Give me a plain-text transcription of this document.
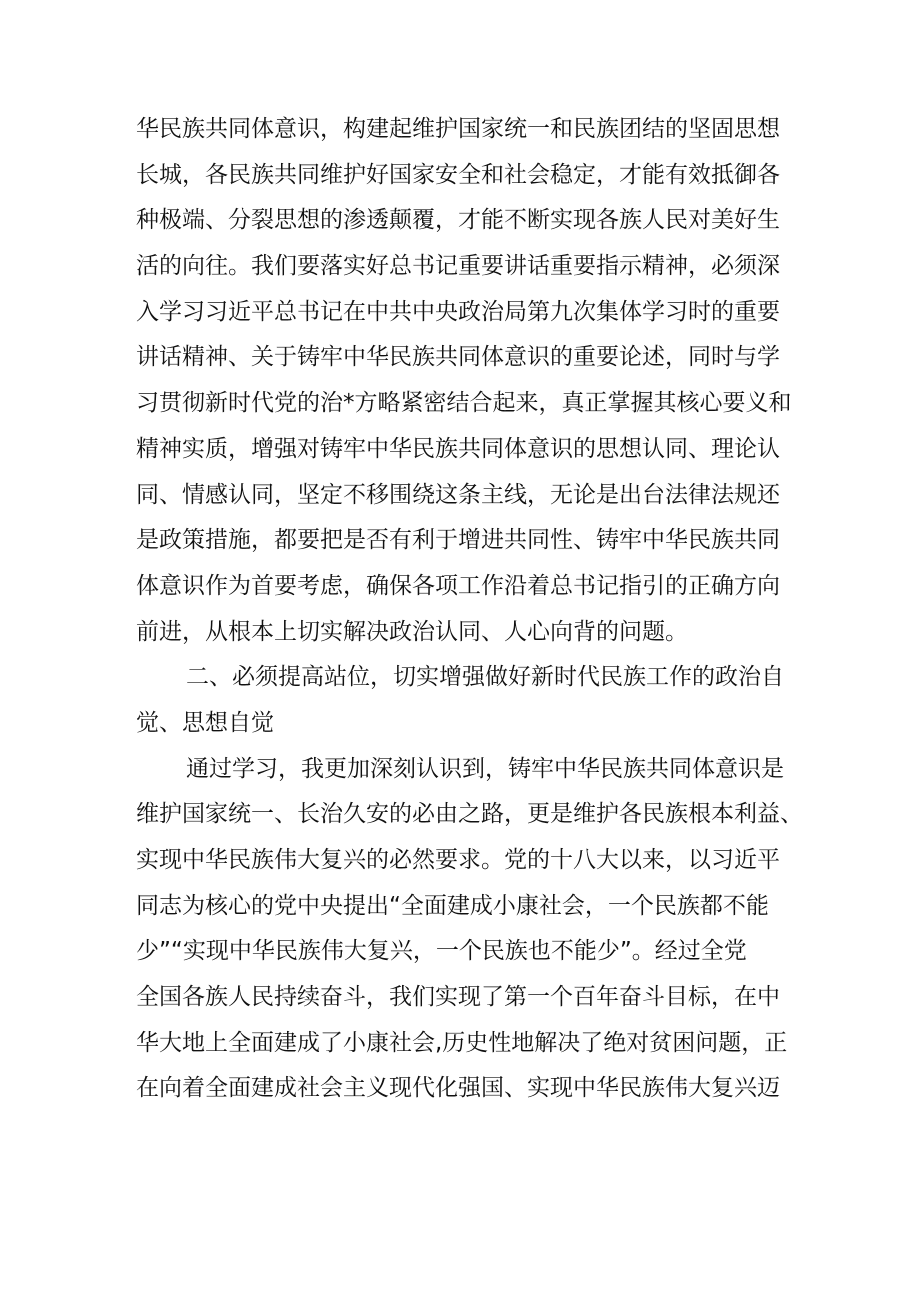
华民族共同体意识，构建起维护国家统一和民族团结的坚固思想
长城，各民族共同维护好国家安全和社会稳定，才能有效抵御各
种极端、分裂思想的渗透颠覆，才能不断实现各族人民对美好生
活的向往。我们要落实好总书记重要讲话重要指示精神，必须深
入学习习近平总书记在中共中央政治局第九次集体学习时的重要
讲话精神、关于铸牢中华民族共同体意识的重要论述，同时与学
习贯彻新时代党的治*方略紧密结合起来，真正掌握其核心要义和
精神实质，增强对铸牢中华民族共同体意识的思想认同、理论认
同、情感认同，坚定不移围绕这条主线，无论是出台法律法规还
是政策措施，都要把是否有利于增进共同性、铸牢中华民族共同
体意识作为首要考虑，确保各项工作沿着总书记指引的正确方向
前进，从根本上切实解决政治认同、人心向背的问题。
二、必须提高站位，切实增强做好新时代民族工作的政治自
觉、思想自觉
通过学习，我更加深刻认识到，铸牢中华民族共同体意识是
维护国家统一、长治久安的必由之路，更是维护各民族根本利益、
实现中华民族伟大复兴的必然要求。党的十八大以来，以习近平
同志为核心的党中央提出“全面建成小康社会，一个民族都不能
少”“实现中华民族伟大复兴，一个民族也不能少”。经过全党
全国各族人民持续奋斗，我们实现了第一个百年奋斗目标，在中
华大地上全面建成了小康社会,历史性地解决了绝对贫困问题，正
在向着全面建成社会主义现代化强国、实现中华民族伟大复兴迈
